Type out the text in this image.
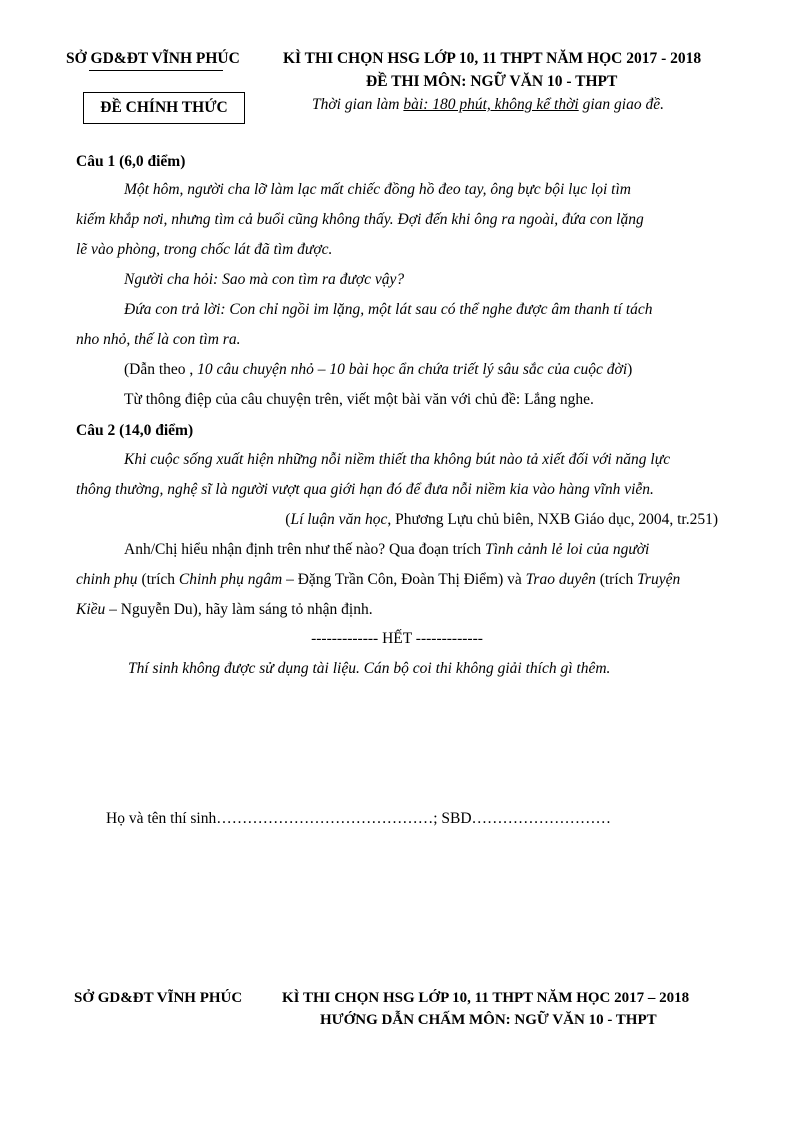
SỞ GD&ĐT VĨNH PHÚC	KÌ THI CHỌN HSG LỚP 10, 11 THPT NĂM HỌC 2017 - 2018
ĐỀ THI MÔN: NGỮ VĂN 10 - THPT
Thời gian làm bài: 180 phút, không kể thời gian giao đề.
ĐỀ CHÍNH THỨC
Câu 1 (6,0 điểm)
Một hôm, người cha lỡ làm lạc mất chiếc đồng hồ đeo tay, ông bực bội lục lọi tìm
kiếm khắp nơi, nhưng tìm cả buổi cũng không thấy. Đợi đến khi ông ra ngoài, đứa con lặng
lẽ vào phòng, trong chốc lát đã tìm được.
Người cha hỏi: Sao mà con tìm ra được vậy?
Đứa con trả lời: Con chỉ ngồi im lặng, một lát sau có thể nghe được âm thanh tí tách
nho nhỏ, thế là con tìm ra.
(Dẫn theo , 10 câu chuyện nhỏ – 10 bài học ẩn chứa triết lý sâu sắc của cuộc đời)
Từ thông điệp của câu chuyện trên, viết một bài văn với chủ đề: Lắng nghe.
Câu 2 (14,0 điểm)
Khi cuộc sống xuất hiện những nỗi niềm thiết tha không bút nào tả xiết đối với năng lực
thông thường, nghệ sĩ là người vượt qua giới hạn đó để đưa nỗi niềm kia vào hàng vĩnh viễn.
(Lí luận văn học, Phương Lựu chủ biên, NXB Giáo dục, 2004, tr.251)
Anh/Chị hiểu nhận định trên như thế nào? Qua đoạn trích Tình cảnh lẻ loi của người
chinh phụ (trích Chinh phụ ngâm – Đặng Trần Côn, Đoàn Thị Điểm) và Trao duyên (trích Truyện
Kiều – Nguyễn Du), hãy làm sáng tỏ nhận định.
------------- HẾT -------------
Thí sinh không được sử dụng tài liệu. Cán bộ coi thi không giải thích gì thêm.
Họ và tên thí sinh……………………………………; SBD………………………
SỞ GD&ĐT VĨNH PHÚC	KÌ THI CHỌN HSG LỚP 10, 11 THPT NĂM HỌC 2017 – 2018
HƯỚNG DẪN CHẤM MÔN: NGỮ VĂN 10 - THPT
